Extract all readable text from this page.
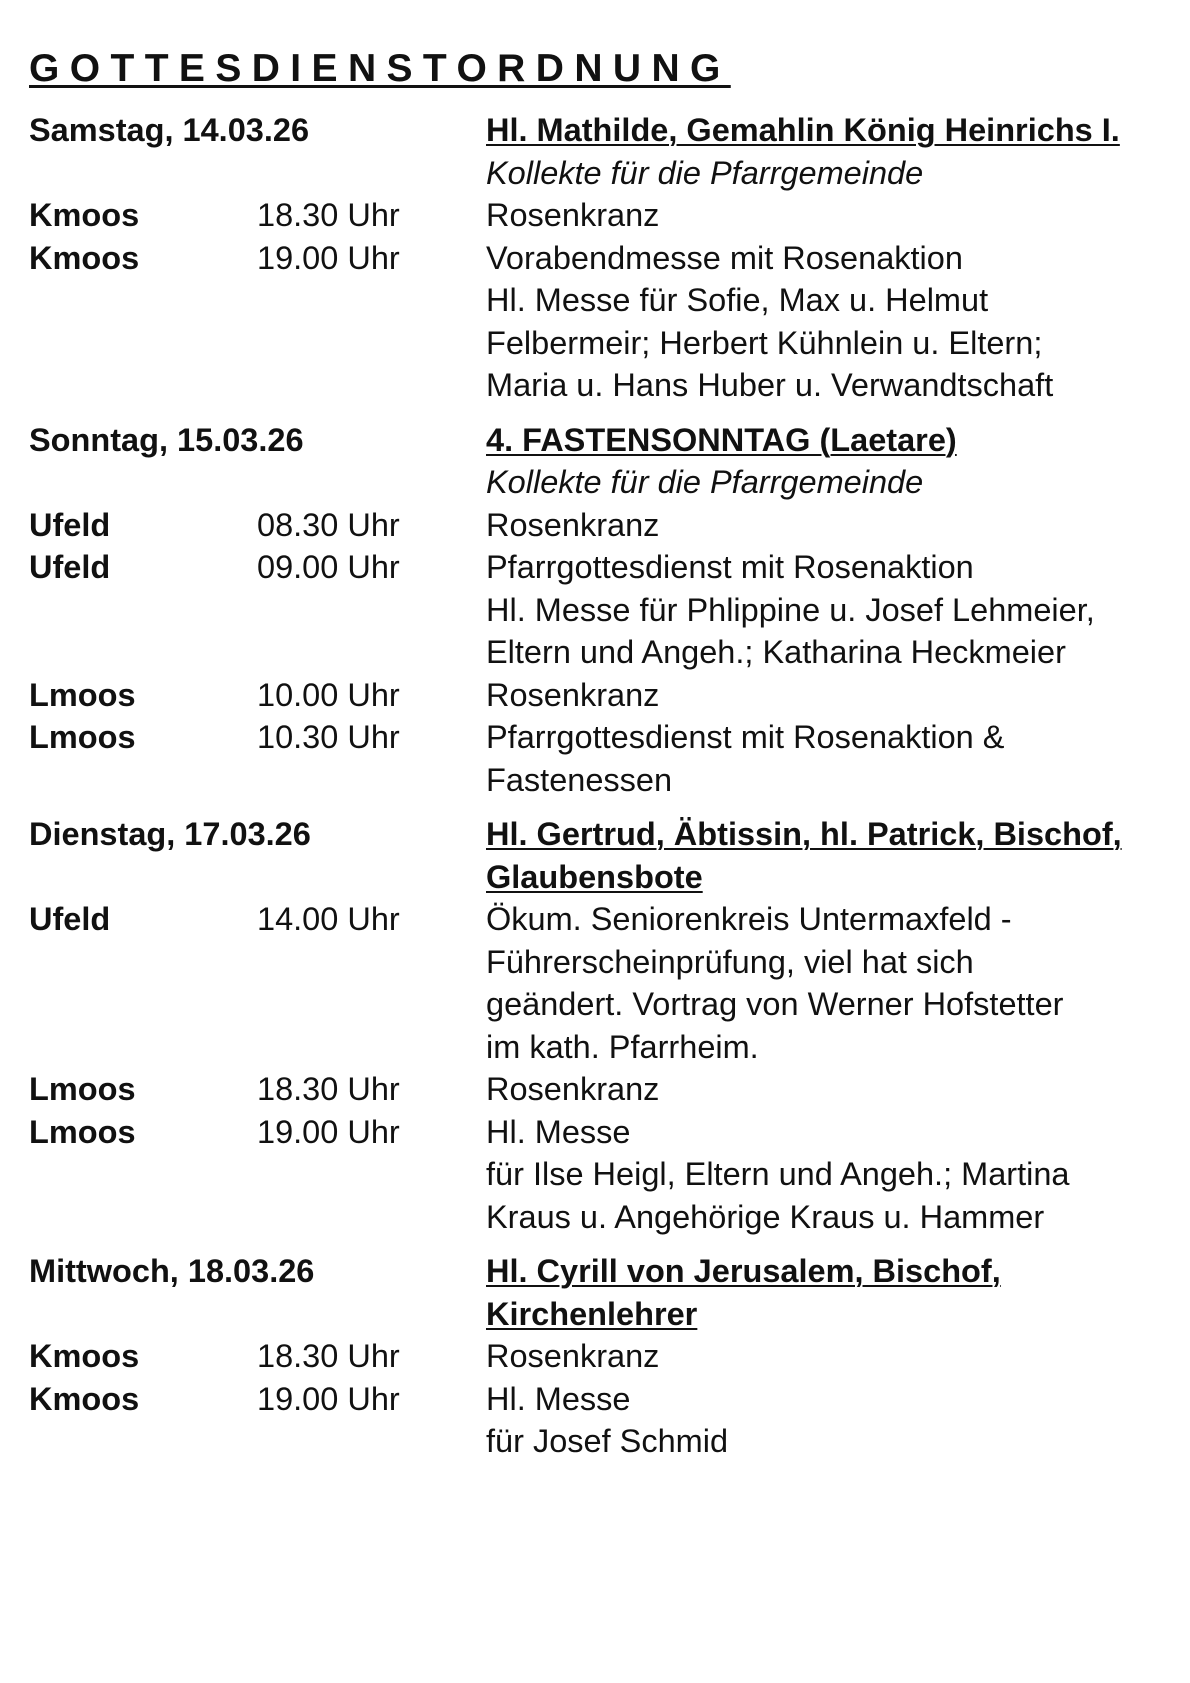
GOTTESDIENSTORDNUNG
Samstag, 14.03.26	Hl. Mathilde, Gemahlin König Heinrichs I.
Kollekte für die Pfarrgemeinde
Kmoos	18.30 Uhr	Rosenkranz
Kmoos	19.00 Uhr	Vorabendmesse mit Rosenaktion
Hl. Messe für Sofie, Max u. Helmut
Felbermeir; Herbert Kühnlein u. Eltern;
Maria u. Hans Huber u. Verwandtschaft
Sonntag, 15.03.26	4. FASTENSONNTAG (Laetare)
Kollekte für die Pfarrgemeinde
Ufeld	08.30 Uhr	Rosenkranz
Ufeld	09.00 Uhr	Pfarrgottesdienst mit Rosenaktion
Hl. Messe für Phlippine u. Josef Lehmeier,
Eltern und Angeh.; Katharina Heckmeier
Lmoos	10.00 Uhr	Rosenkranz
Lmoos	10.30 Uhr	Pfarrgottesdienst mit Rosenaktion &
Fastenessen
Dienstag, 17.03.26	Hl. Gertrud, Äbtissin, hl. Patrick, Bischof, Glaubensbote
Ufeld	14.00 Uhr	Ökum. Seniorenkreis Untermaxfeld -
Führerscheinprüfung, viel hat sich
geändert. Vortrag von Werner Hofstetter
im kath. Pfarrheim.
Lmoos	18.30 Uhr	Rosenkranz
Lmoos	19.00 Uhr	Hl. Messe
für Ilse Heigl, Eltern und Angeh.; Martina
Kraus u. Angehörige Kraus u. Hammer
Mittwoch, 18.03.26	Hl. Cyrill von Jerusalem, Bischof, Kirchenlehrer
Kmoos	18.30 Uhr	Rosenkranz
Kmoos	19.00 Uhr	Hl. Messe
für Josef Schmid
